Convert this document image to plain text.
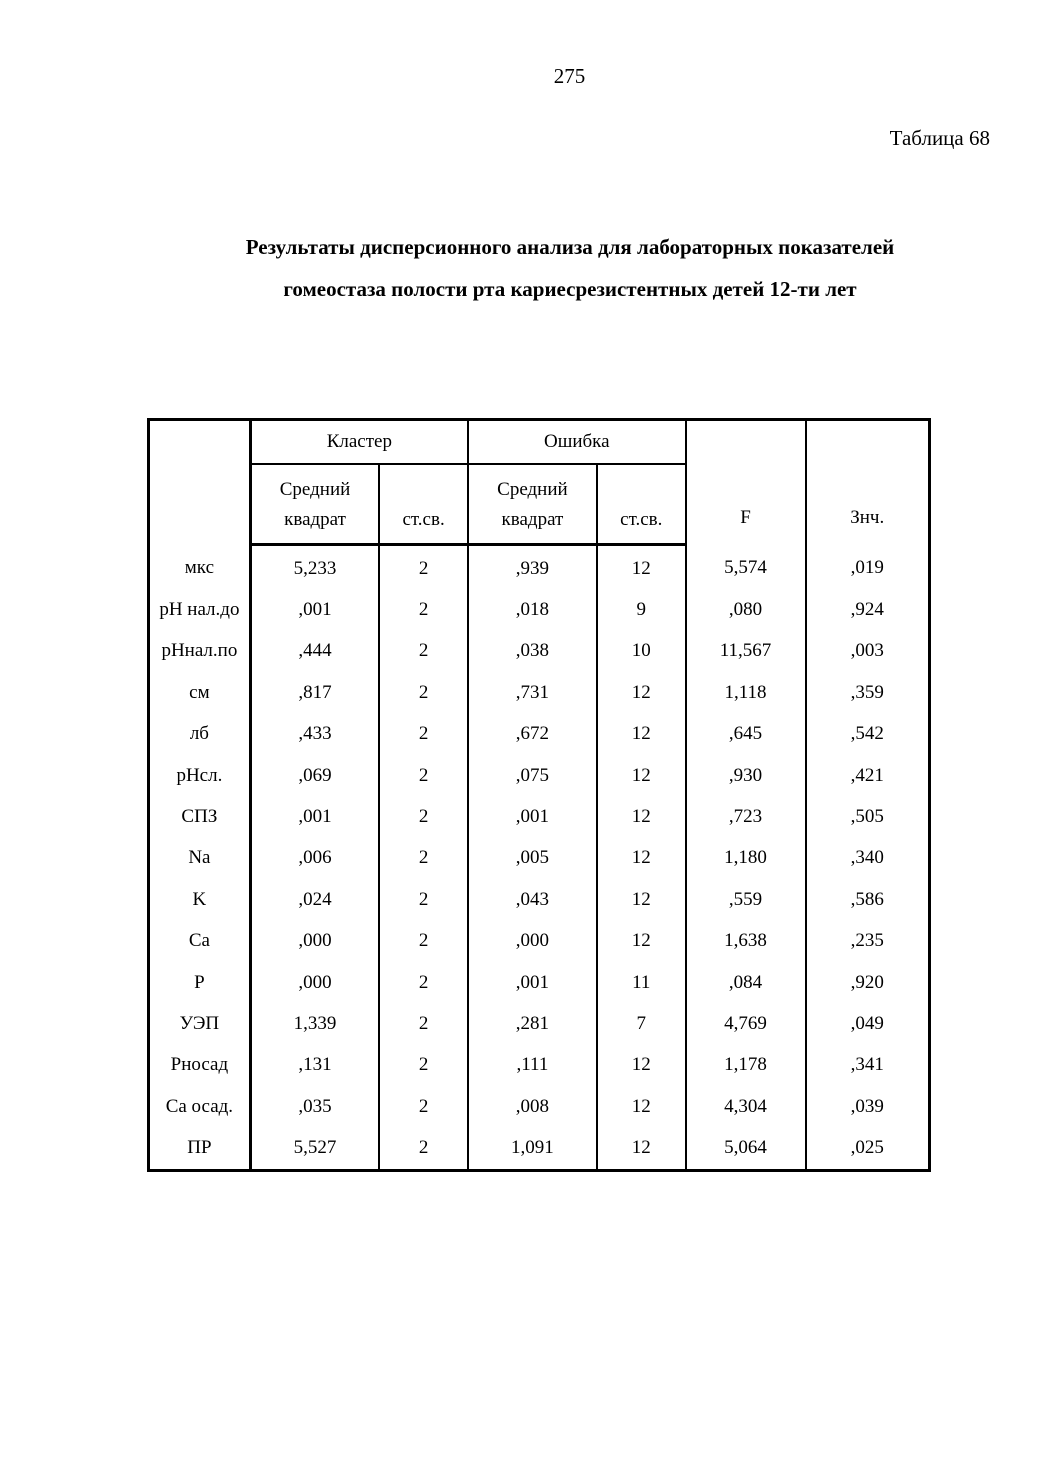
275
Таблица 68
Результаты дисперсионного анализа для лабораторных показателей
гомеостаза полости рта кариесрезистентных детей 12-ти лет
	Кластер		Ошибка		F	Знч.

	Средний		Средний			

	квадрат	ст.св.	квадрат	ст.св.		

мкс	5,233	2	,939	12	5,574	,019
pH нал.до	,001	2	,018	9	,080	,924
pHнал.по	,444	2	,038	10	11,567	,003
см	,817	2	,731	12	1,118	,359
лб	,433	2	,672	12	,645	,542
pHсл.	,069	2	,075	12	,930	,421
СПЗ	,001	2	,001	12	,723	,505
Na	,006	2	,005	12	1,180	,340
K	,024	2	,043	12	,559	,586
Ca	,000	2	,000	12	1,638	,235
P	,000	2	,001	11	,084	,920
УЭП	1,339	2	,281	7	4,769	,049
Pносад	,131	2	,111	12	1,178	,341
Ca осад.	,035	2	,008	12	4,304	,039
ПР	5,527	2	1,091	12	5,064	,025
